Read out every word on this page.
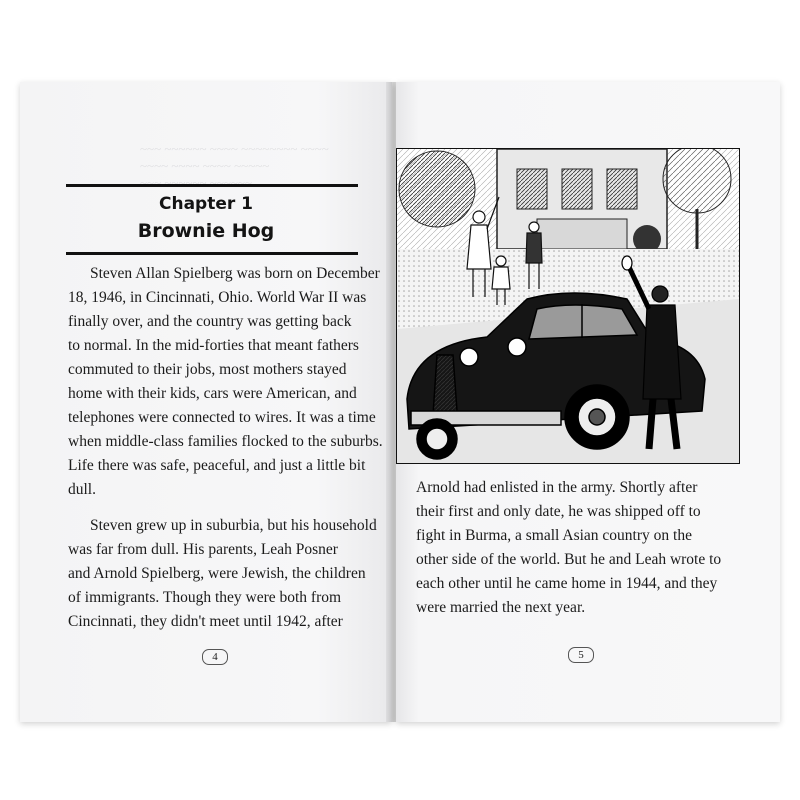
~~~ ~~~~~~ ~~~~ ~~~~~~~~ ~~~~
~~~~ ~~~~ ~~~~ ~~~~~
~~~ ~~~~~~ ~~~~~~
Chapter 1
Brownie Hog

Steven Allan Spielberg was born on December

18, 1946, in Cincinnati, Ohio. World War II was

finally over, and the country was getting back

to normal. In the mid-forties that meant fathers

commuted to their jobs, most mothers stayed

home with their kids, cars were American, and

telephones were connected to wires. It was a time

when middle-class families flocked to the suburbs.

Life there was safe, peaceful, and just a little bit

dull.

Steven grew up in suburbia, but his household

was far from dull. His parents, Leah Posner

and Arnold Spielberg, were Jewish, the children

of immigrants. Though they were both from

Cincinnati, they didn't meet until 1942, after

4

Arnold had enlisted in the army. Shortly after

their first and only date, he was shipped off to

fight in Burma, a small Asian country on the

other side of the world. But he and Leah wrote to

each other until he came home in 1944, and they

were married the next year.

5
